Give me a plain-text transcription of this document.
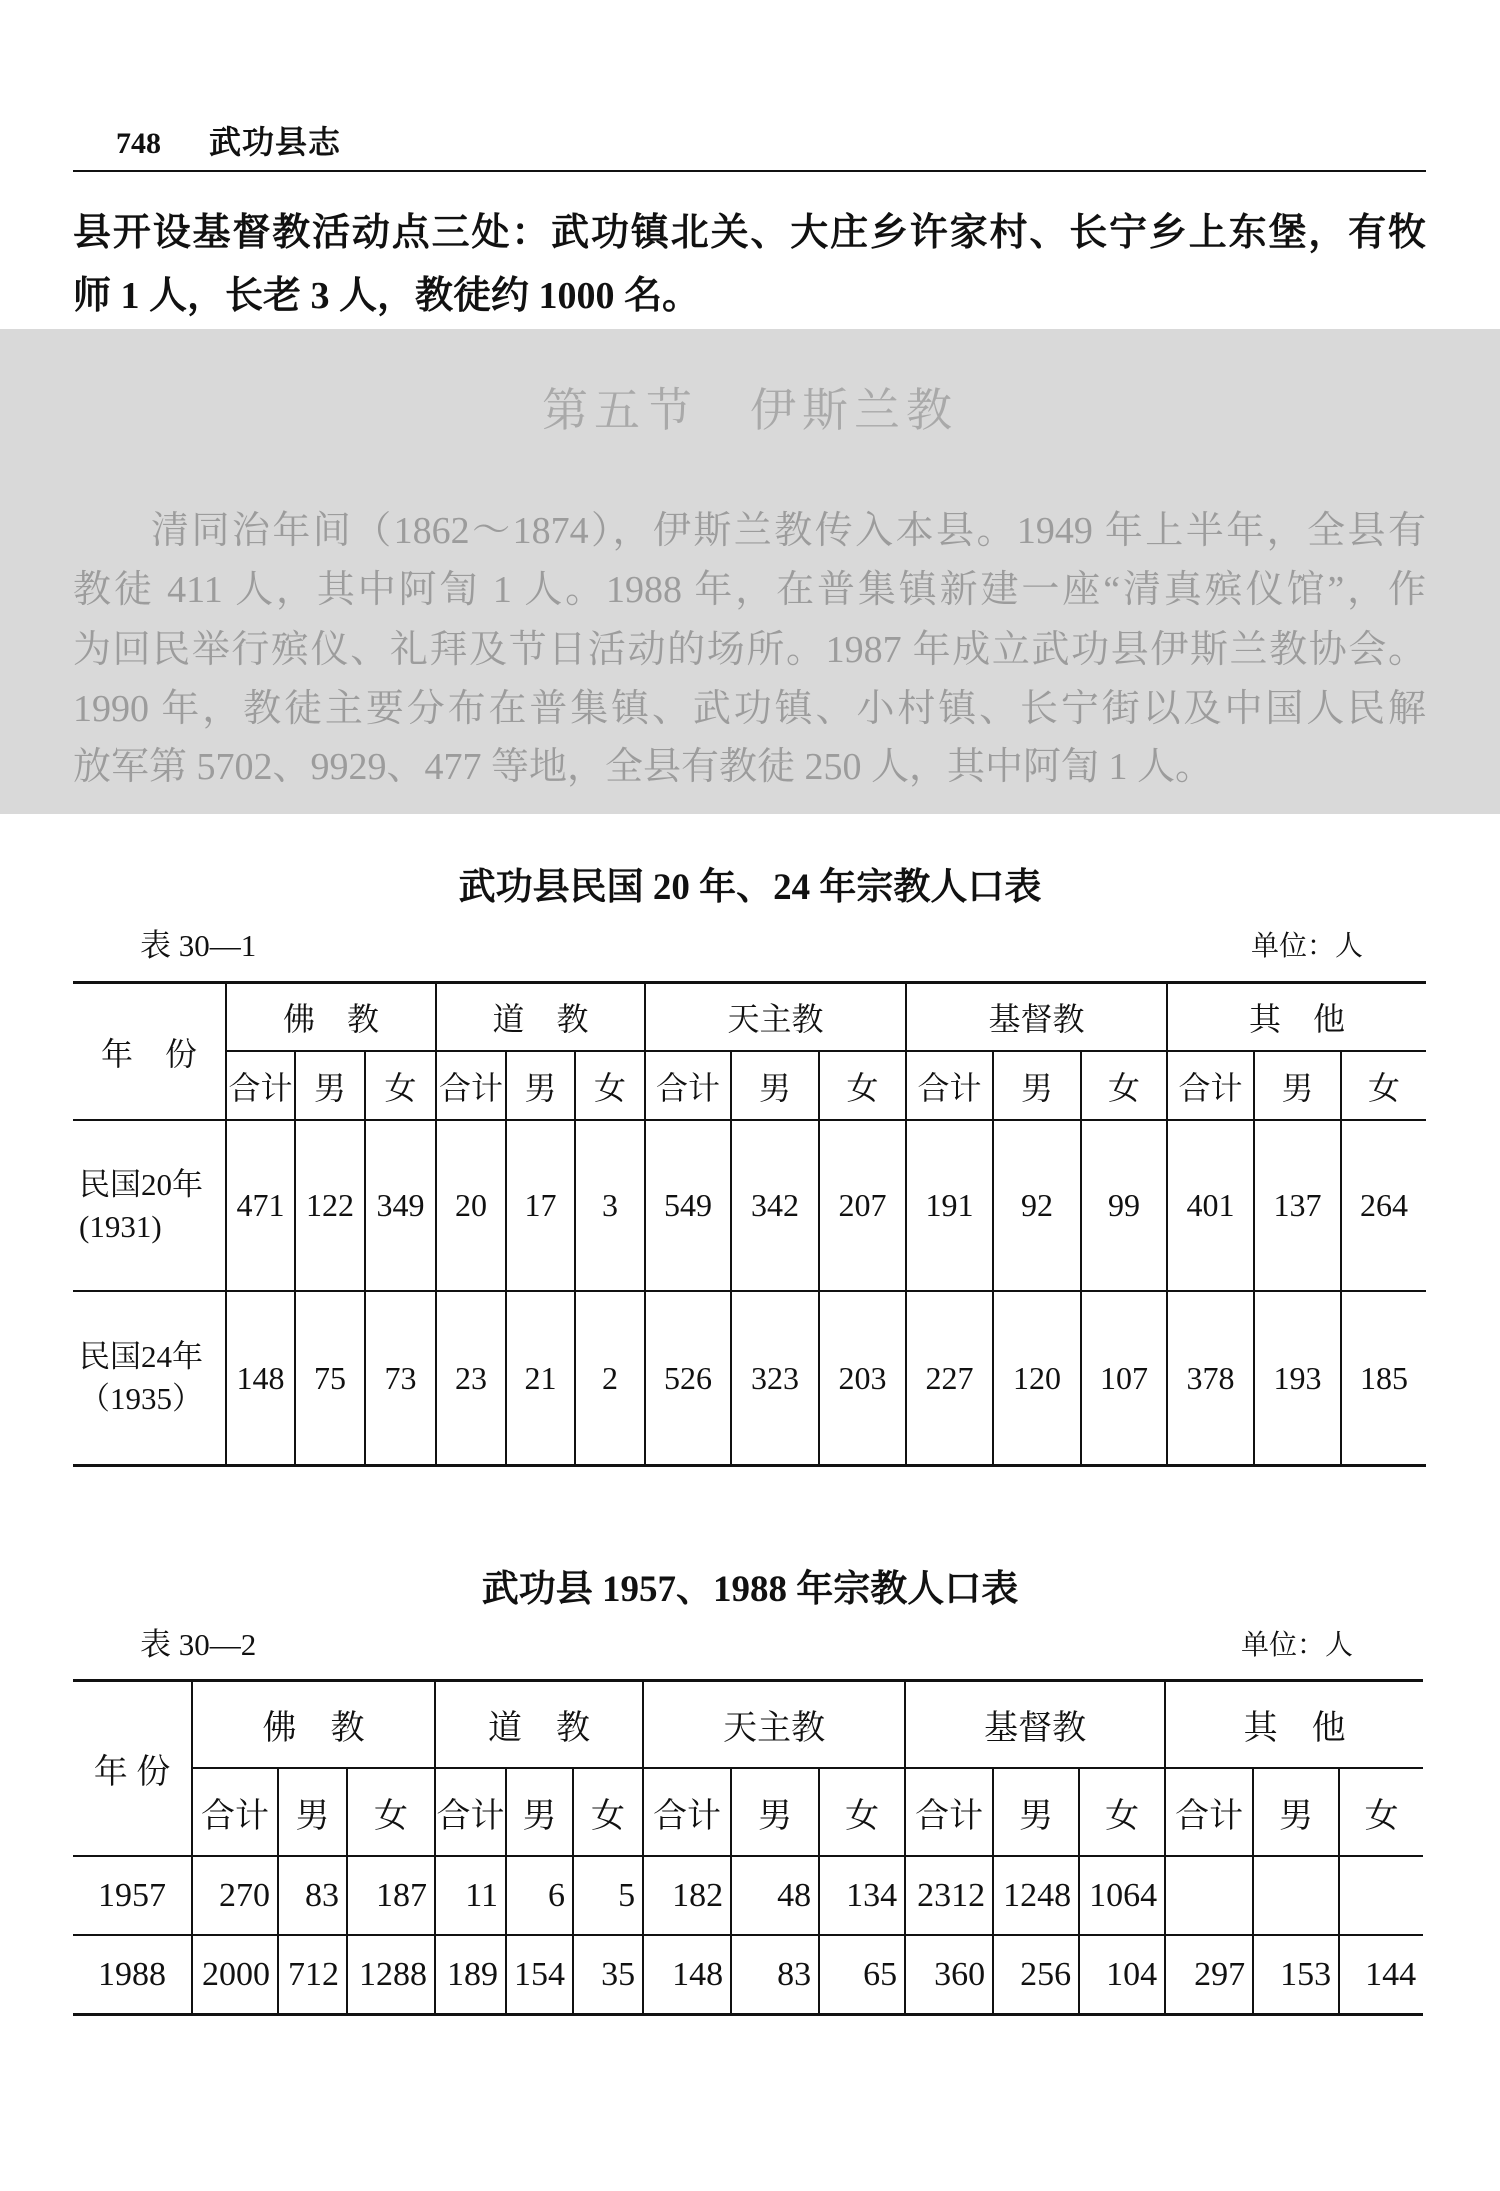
748 武功县志
县开设基督教活动点三处：武功镇北关、大庄乡许家村、长宁乡上东堡，有牧
师 1 人，长老 3 人，教徒约 1000 名。
第五节　伊斯兰教
清同治年间（1862～1874），伊斯兰教传入本县。1949 年上半年，全县有
教徒 411 人，其中阿訇 1 人。1988 年，在普集镇新建一座“清真殡仪馆”，作
为回民举行殡仪、礼拜及节日活动的场所。1987 年成立武功县伊斯兰教协会。
1990 年，教徒主要分布在普集镇、武功镇、小村镇、长宁街以及中国人民解
放军第 5702、9929、477 等地，全县有教徒 250 人，其中阿訇 1 人。
武功县民国 20 年、24 年宗教人口表
表 30—1	单位：人
年　份	佛　教			道　教			天主教			基督教			其　他		
	合计	男	女	合计	男	女	合计	男	女	合计	男	女	合计	男	女

民国20年
(1931)	471	122	349	20	17	3	549	342	207	191	92	99	401	137	264

民国24年
（1935）	148	75	73	23	21	2	526	323	203	227	120	107	378	193	185
武功县 1957、1988 年宗教人口表
表 30—2	单位：人
年 份	佛　教			道　教			天主教			基督教			其　他		
	合计	男	女	合计	男	女	合计	男	女	合计	男	女	合计	男	女
1957	270	83	187	11	6	5	182	48	134	2312	1248	1064			
1988	2000	712	1288	189	154	35	148	83	65	360	256	104	297	153	144
